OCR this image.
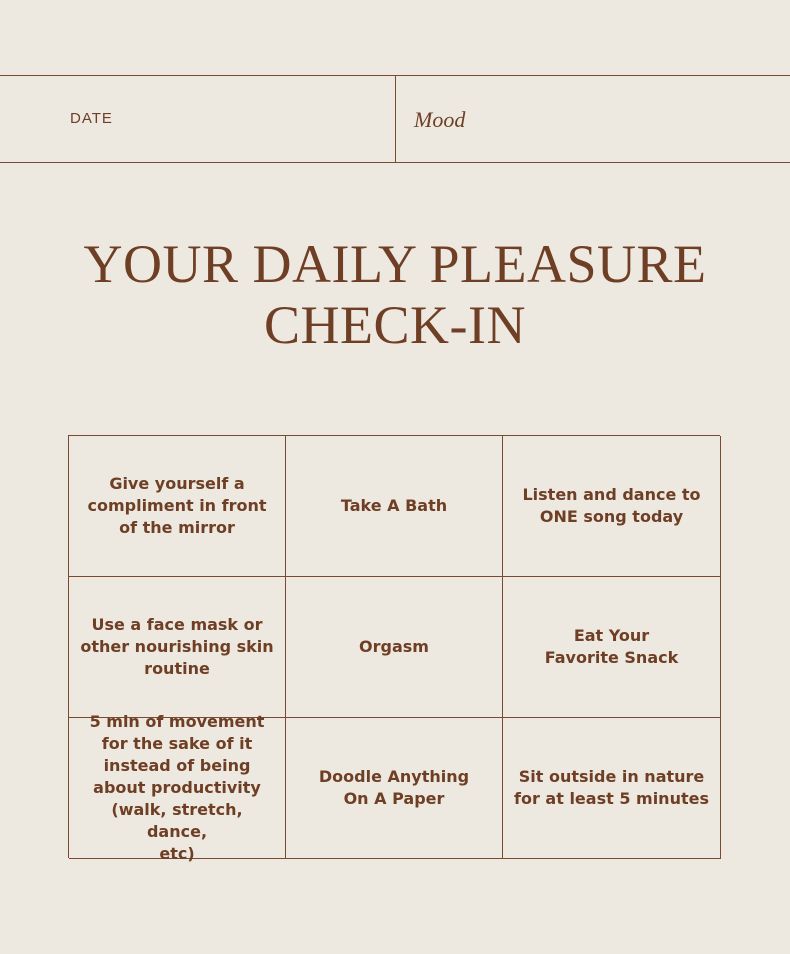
DATE	Mood
YOUR DAILY PLEASURE
CHECK-IN
Give yourself a
compliment in front
of the mirror
Take A Bath
Listen and dance to
ONE song today
Use a face mask or
other nourishing skin
routine
Orgasm
Eat Your
Favorite Snack
5 min of movement
for the sake of it
instead of being
about productivity
(walk, stretch, dance,
etc)
Doodle Anything
On A Paper
Sit outside in nature
for at least 5 minutes
